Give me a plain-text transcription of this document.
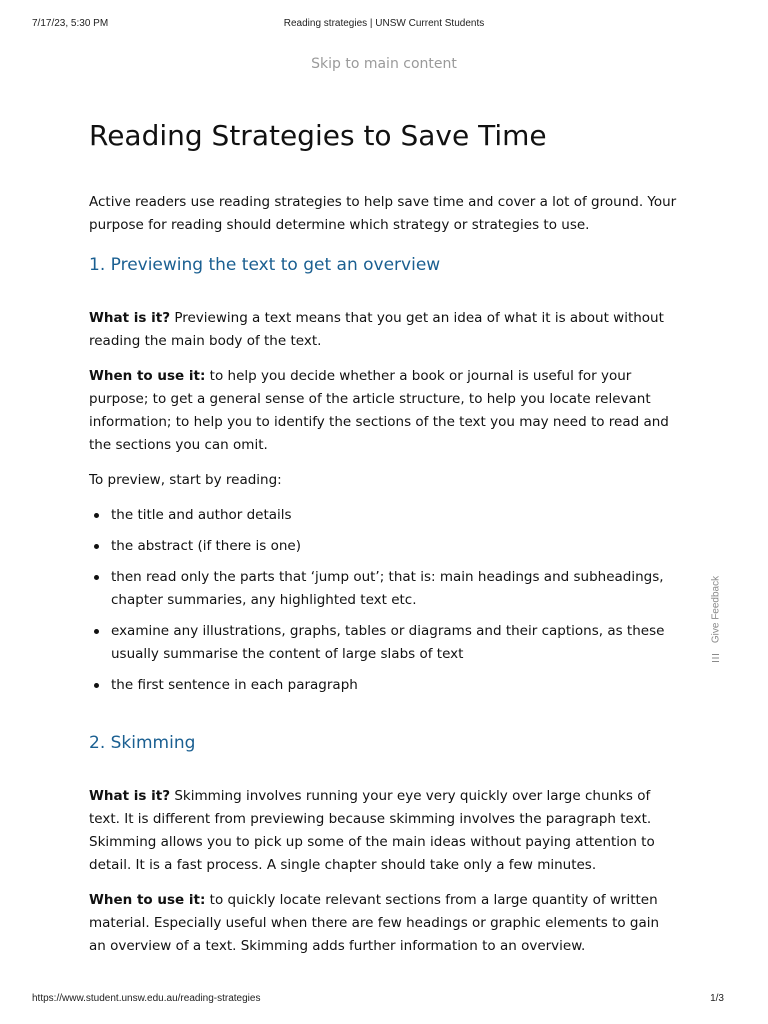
7/17/23, 5:30 PM	Reading strategies | UNSW Current Students
Skip to main content
Reading Strategies to Save Time

Active readers use reading strategies to help save time and cover a lot of ground. Your purpose for reading should determine which strategy or strategies to use.

1. Previewing the text to get an overview

What is it? Previewing a text means that you get an idea of what it is about without reading the main body of the text.

When to use it: to help you decide whether a book or journal is useful for your purpose; to get a general sense of the article structure, to help you locate relevant information; to help you to identify the sections of the text you may need to read and the sections you can omit.

To preview, start by reading:

the title and author details
the abstract (if there is one)
then read only the parts that ‘jump out’; that is: main headings and subheadings, chapter summaries, any highlighted text etc.
examine any illustrations, graphs, tables or diagrams and their captions, as these usually summarise the content of large slabs of text
the first sentence in each paragraph
2. Skimming

What is it? Skimming involves running your eye very quickly over large chunks of text. It is different from previewing because skimming involves the paragraph text. Skimming allows you to pick up some of the main ideas without paying attention to detail. It is a fast process. A single chapter should take only a few minutes.

When to use it: to quickly locate relevant sections from a large quantity of written material. Especially useful when there are few headings or graphic elements to gain an overview of a text. Skimming adds further information to an overview.

Give Feedback
https://www.student.unsw.edu.au/reading-strategies	1/3
